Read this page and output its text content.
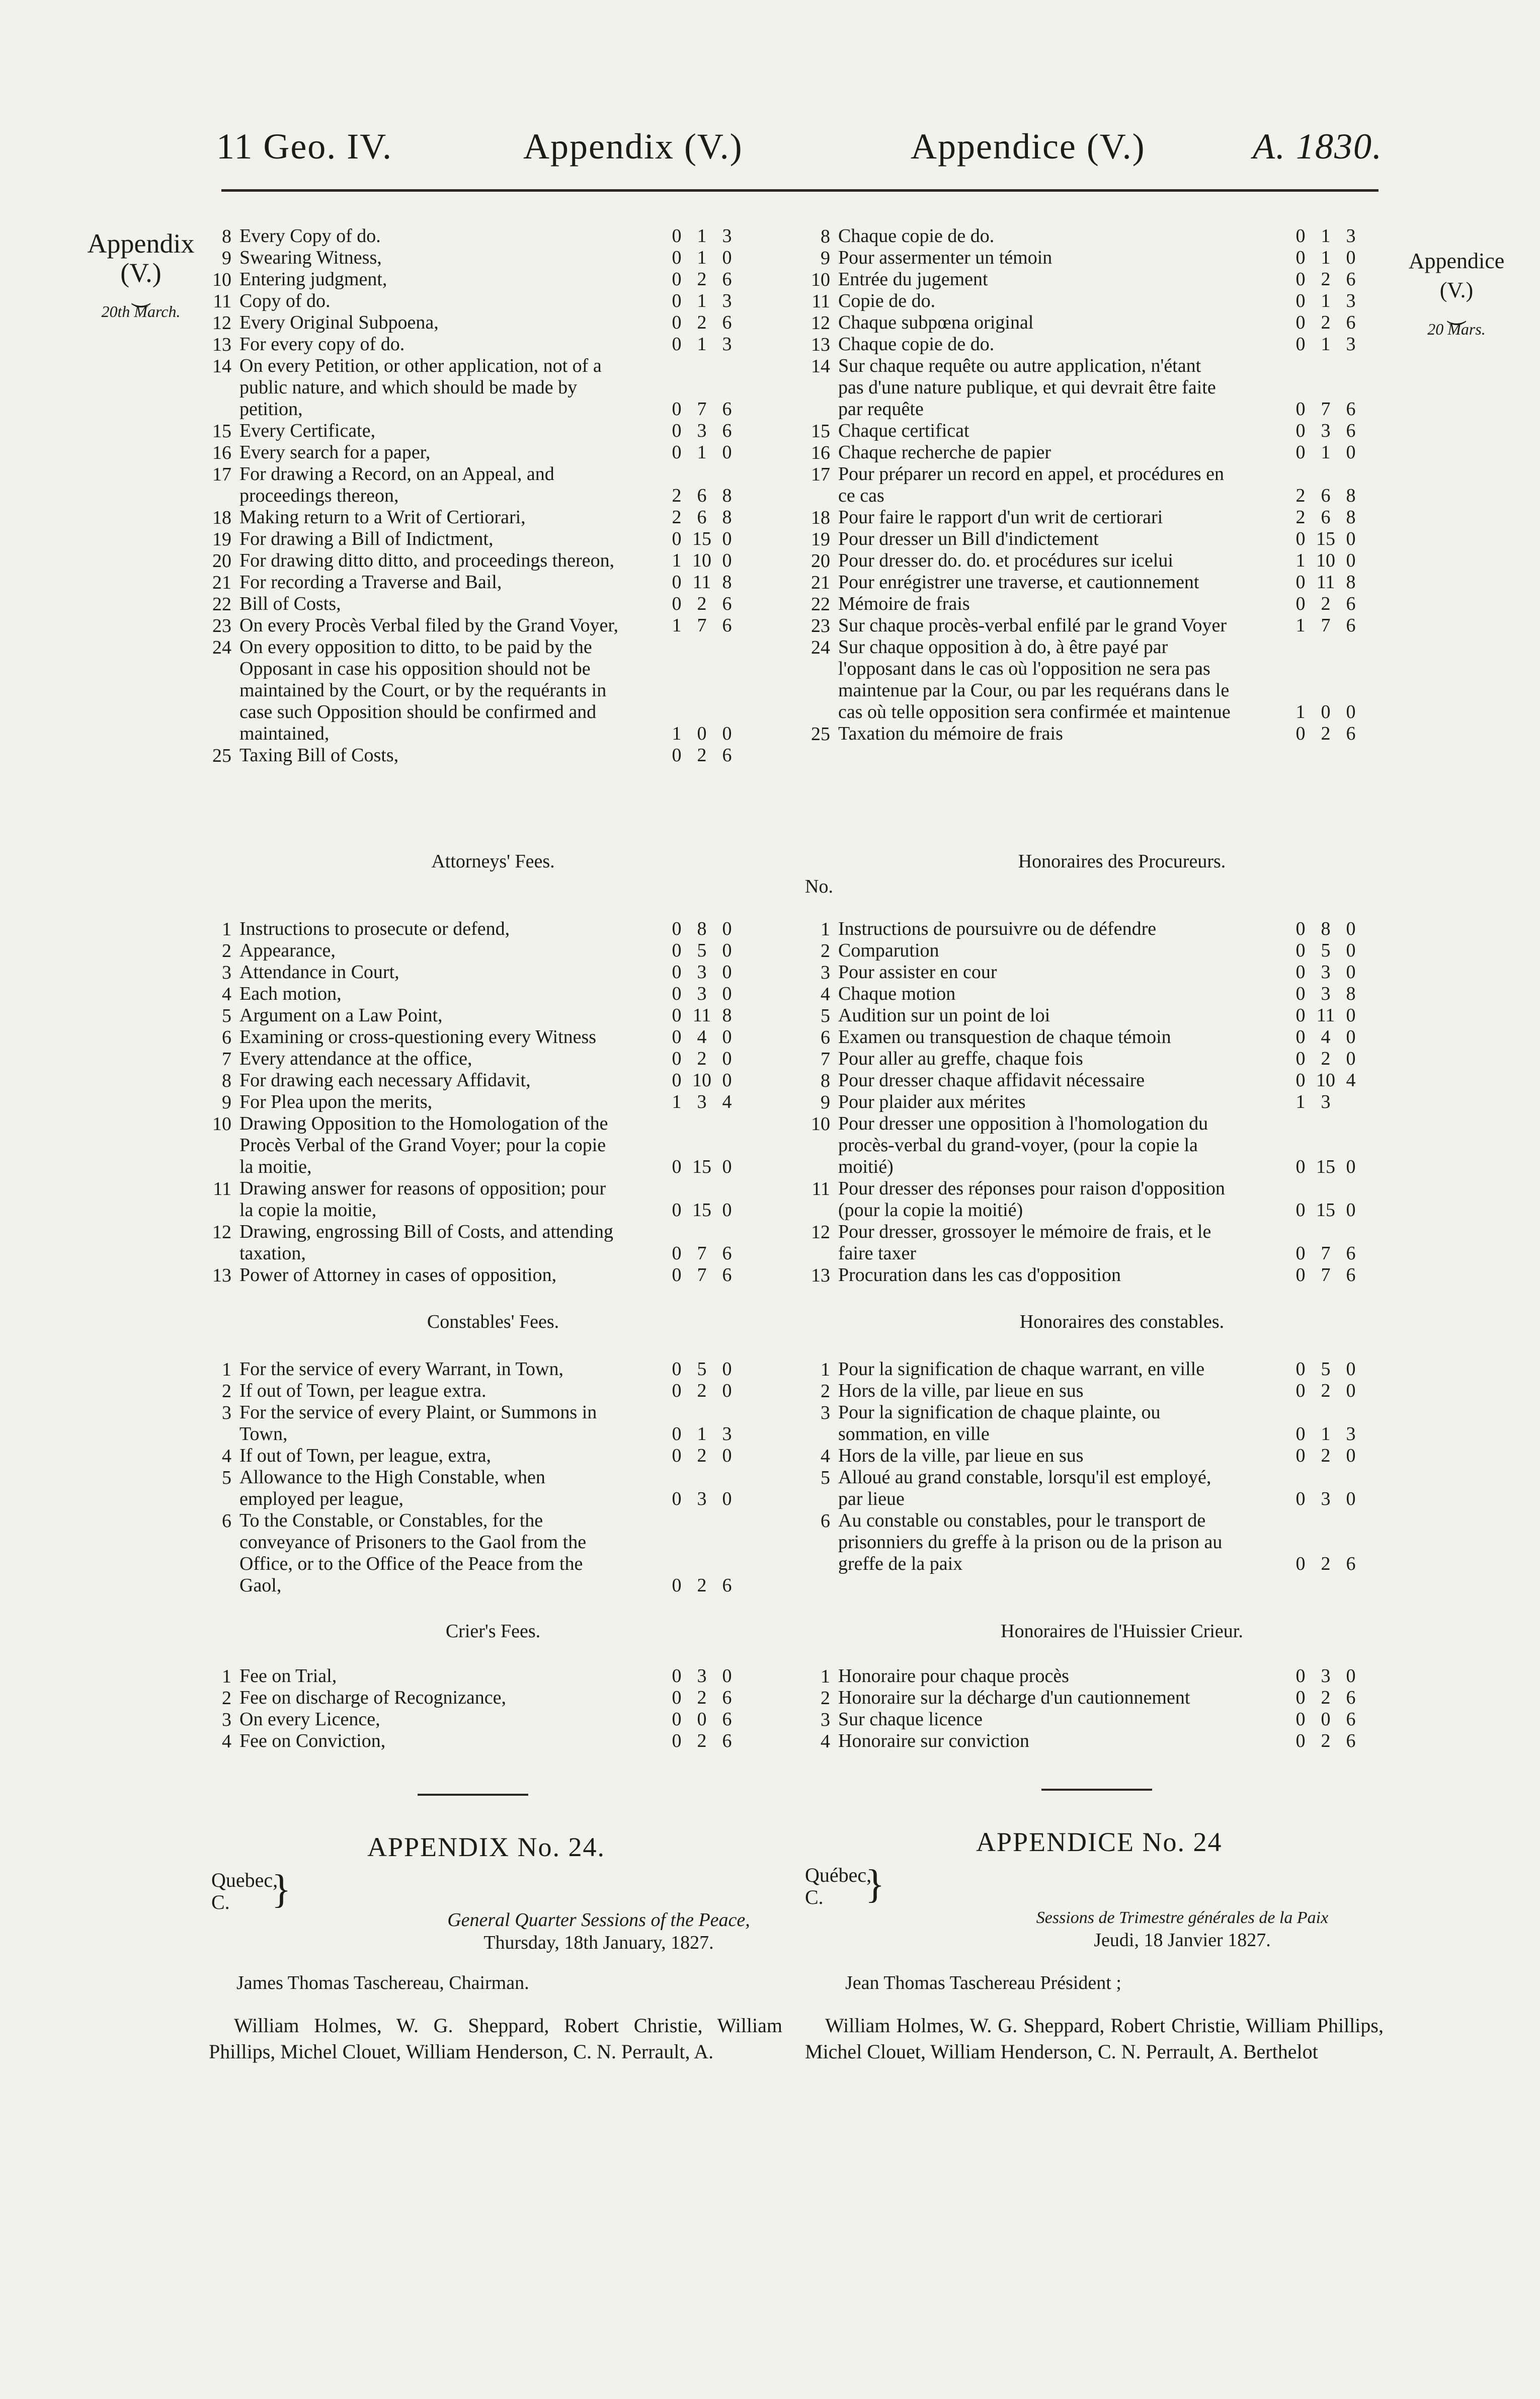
11 Geo. IV.	Appendix (V.)	Appendice (V.)	A. 1830.
Appendix
(V.)
⏝
20th March.
Appendice
(V.)
⏝
20 Mars.
8 Every Copy of do.	0 1 3
9 Swearing Witness,	0 1 0
10 Entering judgment,	0 2 6
11 Copy of do.	0 1 3
12 Every Original Subpoena,	0 2 6
13 For every copy of do.	0 1 3
14 On every Petition, or other application, not of a public nature, and which should be made by petition,	0 7 6
15 Every Certificate,	0 3 6
16 Every search for a paper,	0 1 0
17 For drawing a Record, on an Appeal, and proceedings thereon,	2 6 8
18 Making return to a Writ of Certiorari,	2 6 8
19 For drawing a Bill of Indictment,	0 15 0
20 For drawing ditto ditto, and proceedings thereon,	1 10 0
21 For recording a Traverse and Bail,	0 11 8
22 Bill of Costs,	0 2 6
23 On every Procès Verbal filed by the Grand Voyer,	1 7 6
24 On every opposition to ditto, to be paid by the Opposant in case his opposition should not be maintained by the Court, or by the requérants in case such Opposition should be confirmed and maintained,	1 0 0
25 Taxing Bill of Costs,	0 2 6
8 Chaque copie de do.	0 1 3
9 Pour assermenter un témoin	0 1 0
10 Entrée du jugement	0 2 6
11 Copie de do.	0 1 3
12 Chaque subpœna original	0 2 6
13 Chaque copie de do.	0 1 3
14 Sur chaque requête ou autre application, n'étant pas d'une nature publique, et qui devrait être faite par requête	0 7 6
15 Chaque certificat	0 3 6
16 Chaque recherche de papier	0 1 0
17 Pour préparer un record en appel, et procédures en ce cas	2 6 8
18 Pour faire le rapport d'un writ de certiorari	2 6 8
19 Pour dresser un Bill d'indictement	0 15 0
20 Pour dresser do. do. et procédures sur icelui	1 10 0
21 Pour enrégistrer une traverse, et cautionnement	0 11 8
22 Mémoire de frais	0 2 6
23 Sur chaque procès-verbal enfilé par le grand Voyer	1 7 6
24 Sur chaque opposition à do, à être payé par l'opposant dans le cas où l'opposition ne sera pas maintenue par la Cour, ou par les requérans dans le cas où telle opposition sera confirmée et maintenue	1 0 0
25 Taxation du mémoire de frais	0 2 6
Attorneys' Fees.	Honoraires des Procureurs.
No.
1 Instructions to prosecute or defend,	0 8 0
2 Appearance,	0 5 0
3 Attendance in Court,	0 3 0
4 Each motion,	0 3 0
5 Argument on a Law Point,	0 11 8
6 Examining or cross-questioning every Witness	0 4 0
7 Every attendance at the office,	0 2 0
8 For drawing each necessary Affidavit,	0 10 0
9 For Plea upon the merits,	1 3 4
10 Drawing Opposition to the Homologation of the Procès Verbal of the Grand Voyer; pour la copie la moitie,	0 15 0
11 Drawing answer for reasons of opposition; pour la copie la moitie,	0 15 0
12 Drawing, engrossing Bill of Costs, and attending taxation,	0 7 6
13 Power of Attorney in cases of opposition,	0 7 6
1 Instructions de poursuivre ou de défendre	0 8 0
2 Comparution	0 5 0
3 Pour assister en cour	0 3 0
4 Chaque motion	0 3 8
5 Audition sur un point de loi	0 11 0
6 Examen ou transquestion de chaque témoin	0 4 0
7 Pour aller au greffe, chaque fois	0 2 0
8 Pour dresser chaque affidavit nécessaire	0 10 4
9 Pour plaider aux mérites	1 3
10 Pour dresser une opposition à l'homologation du procès-verbal du grand-voyer, (pour la copie la moitié)	0 15 0
11 Pour dresser des réponses pour raison d'opposition (pour la copie la moitié)	0 15 0
12 Pour dresser, grossoyer le mémoire de frais, et le faire taxer	0 7 6
13 Procuration dans les cas d'opposition	0 7 6
Constables' Fees.	Honoraires des constables.
1 For the service of every Warrant, in Town,	0 5 0
2 If out of Town, per league extra.	0 2 0
3 For the service of every Plaint, or Summons in Town,	0 1 3
4 If out of Town, per league, extra,	0 2 0
5 Allowance to the High Constable, when employed per league,	0 3 0
6 To the Constable, or Constables, for the conveyance of Prisoners to the Gaol from the Office, or to the Office of the Peace from the Gaol,	0 2 6
1 Pour la signification de chaque warrant, en ville	0 5 0
2 Hors de la ville, par lieue en sus	0 2 0
3 Pour la signification de chaque plainte, ou sommation, en ville	0 1 3
4 Hors de la ville, par lieue en sus	0 2 0
5 Alloué au grand constable, lorsqu'il est employé, par lieue	0 3 0
6 Au constable ou constables, pour le transport de prisonniers du greffe à la prison ou de la prison au greffe de la paix	0 2 6
Crier's Fees.	Honoraires de l'Huissier Crieur.
1 Fee on Trial,	0 3 0
2 Fee on discharge of Recognizance,	0 2 6
3 On every Licence,	0 0 6
4 Fee on Conviction,	0 2 6
1 Honoraire pour chaque procès	0 3 0
2 Honoraire sur la décharge d'un cautionnement	0 2 6
3 Sur chaque licence	0 0 6
4 Honoraire sur conviction	0 2 6
APPENDIX No. 24.	APPENDICE No. 24
Quebec, C. }	Québec, C. }
General Quarter Sessions of the Peace,
Thursday, 18th January, 1827.
Sessions de Trimestre générales de la Paix
Jeudi, 18 Janvier 1827.
James Thomas Taschereau, Chairman.	Jean Thomas Taschereau Président ;
William Holmes, W. G. Sheppard, Robert Christie, William Phillips, Michel Clouet, William Henderson, C. N. Perrault, A.
William Holmes, W. G. Sheppard, Robert Christie, William Phillips, Michel Clouet, William Henderson, C. N. Perrault, A. Berthelot
